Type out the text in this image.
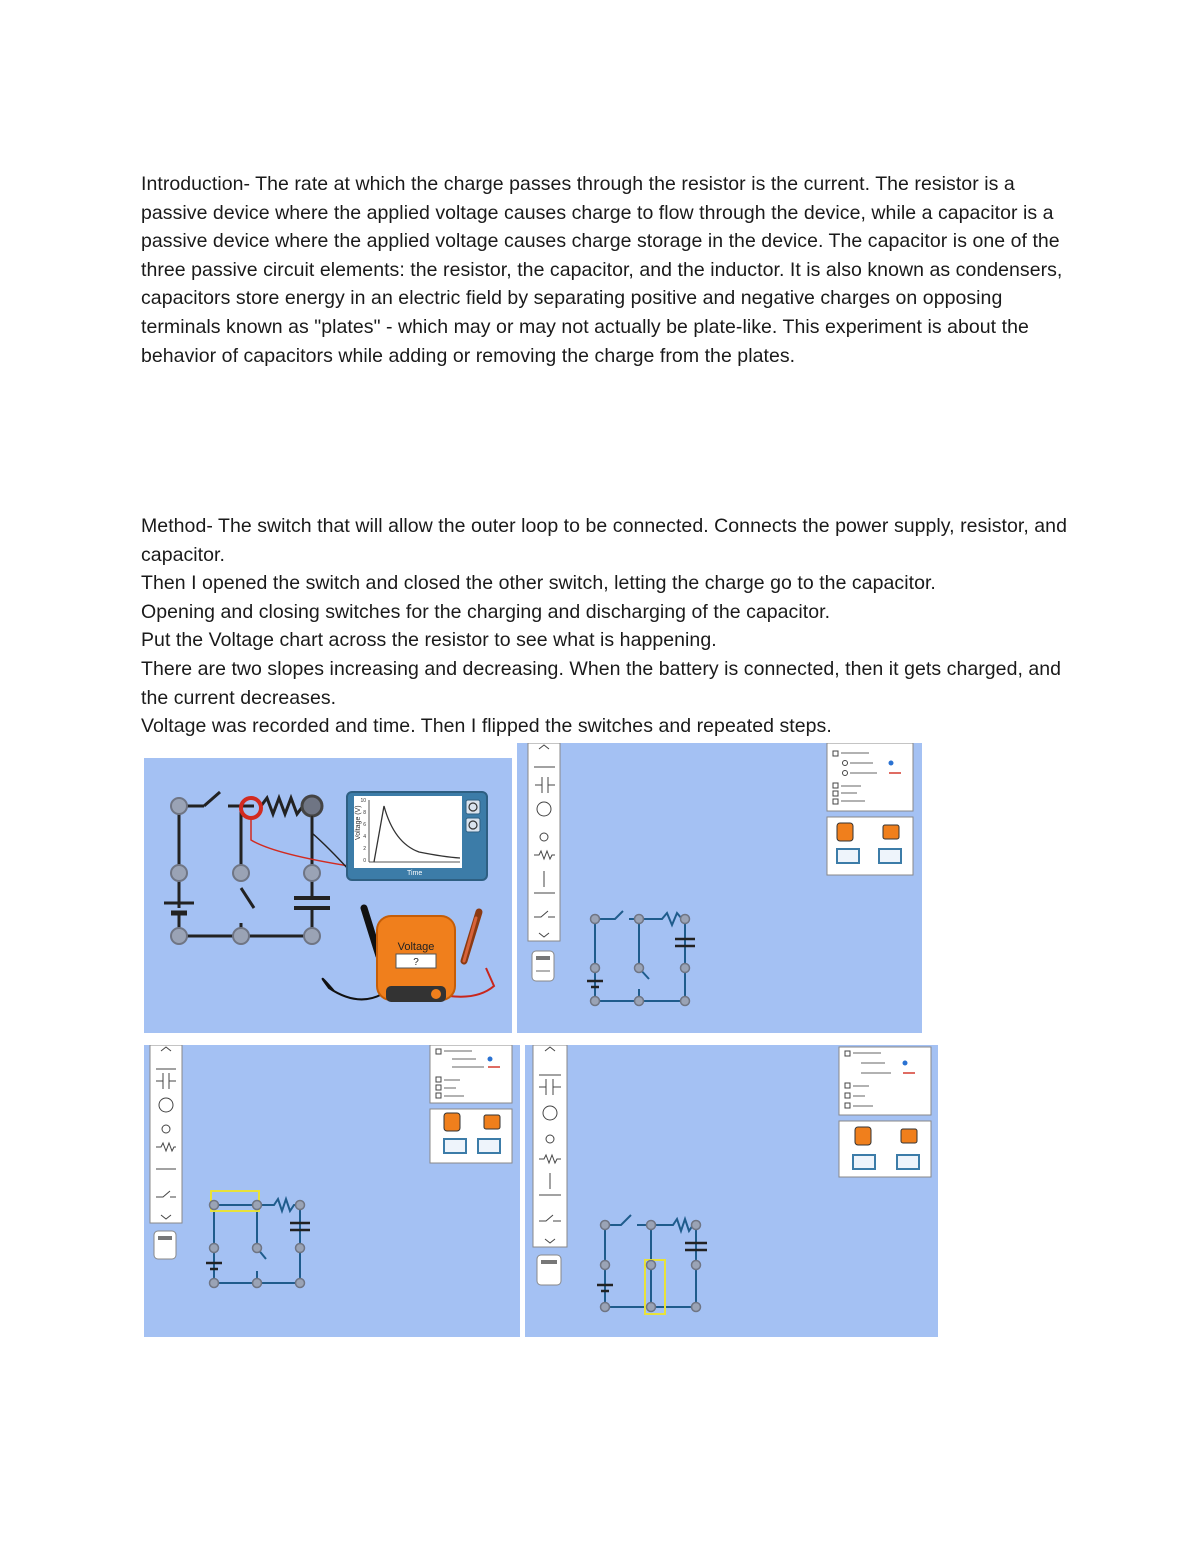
Introduction- The rate at which the charge passes through the resistor is the current. The resistor is a passive device where the applied voltage causes charge to flow through the device, while a capacitor is a passive device where the applied voltage causes charge storage in the device. The capacitor is one of the three passive circuit elements: the resistor, the capacitor, and the inductor. It is also known as condensers, capacitors store energy in an electric field by separating positive and negative charges on opposing terminals known as "plates" - which may or may not actually be plate-like. This experiment is about the behavior of capacitors while adding or removing the charge from the plates.

Method- The switch that will allow the outer loop to be connected. Connects the power supply, resistor, and capacitor.

Then I opened the switch and closed the other switch, letting the charge go to the capacitor.

Opening and closing switches for the charging and discharging of the capacitor.

Put the Voltage chart across the resistor to see what is happening.

There are two slopes increasing and decreasing. When the battery is connected, then it gets charged, and the current decreases.

Voltage was recorded and time. Then I flipped the switches and repeated steps.

Voltage (V)
Time
10
8
6
4
2
0
Voltage
?
